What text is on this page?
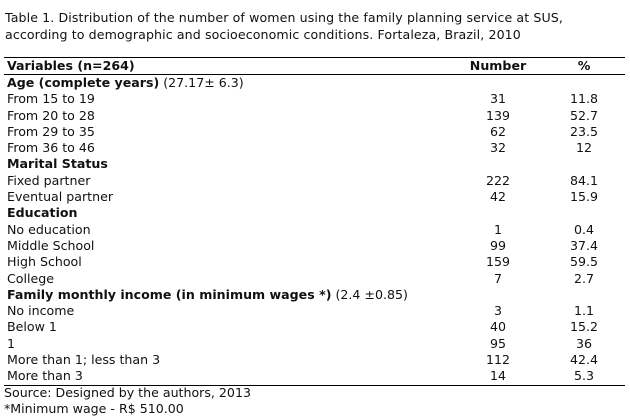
Table 1. Distribution of the number of women using the family planning service at SUS, according to demographic and socioeconomic conditions. Fortaleza, Brazil, 2010
Variables (n=264)	Number	%
Age (complete years) (27.17± 6.3)
From 15 to 19	31	11.8
From 20 to 28	139	52.7
From 29 to 35	62	23.5
From 36 to 46	32	12
Marital Status
Fixed partner	222	84.1
Eventual partner	42	15.9
Education
No education	1	0.4
Middle School	99	37.4
High School	159	59.5
College	7	2.7
Family monthly income (in minimum wages *) (2.4 ±0.85)
No income	3	1.1
Below 1	40	15.2
1	95	36
More than 1; less than 3	112	42.4
More than 3	14	5.3
Source: Designed by the authors, 2013
*Minimum wage - R$ 510.00
